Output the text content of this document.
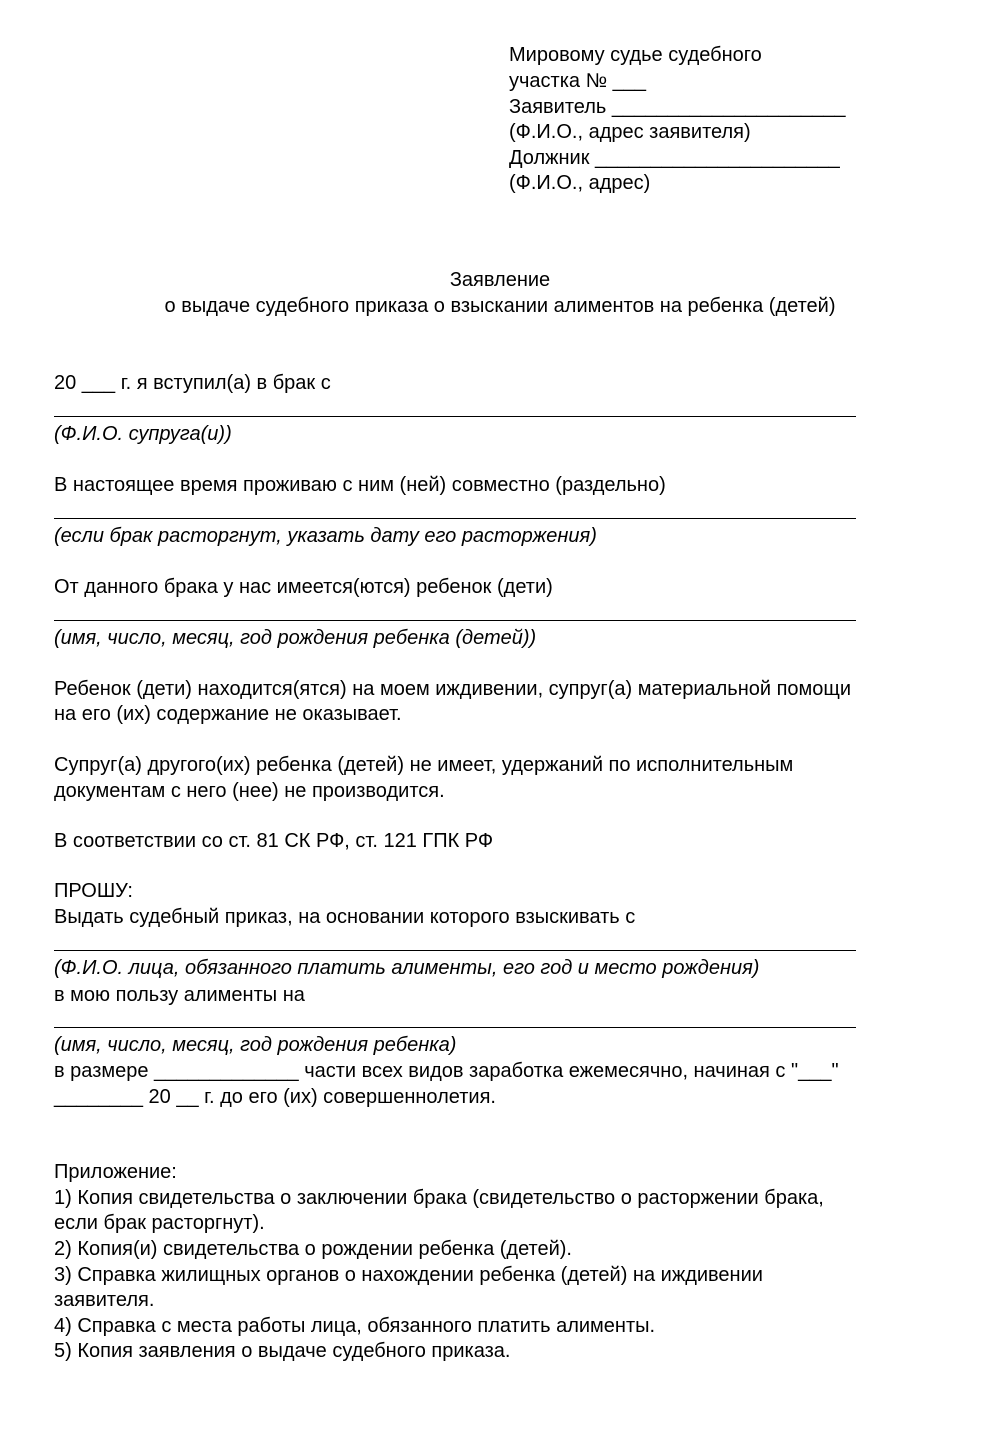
Мировому судье судебного
участка № ___
Заявитель _____________________
(Ф.И.О., адрес заявителя)
Должник ______________________
(Ф.И.О., адрес)
Заявление
о выдаче судебного приказа о взыскании алиментов на ребенка (детей)
20 ___ г. я вступил(а) в брак с
(Ф.И.О. супруга(и))
В настоящее время проживаю с ним (ней) совместно (раздельно)
(если брак расторгнут, указать дату его расторжения)
От данного брака у нас имеется(ются) ребенок (дети)
(имя, число, месяц, год рождения ребенка (детей))
Ребенок (дети) находится(ятся) на моем иждивении, супруг(а) материальной помощи
на его (их) содержание не оказывает.
Супруг(а) другого(их) ребенка (детей) не имеет, удержаний по исполнительным
документам с него (нее) не производится.
В соответствии со ст. 81 СК РФ, ст. 121 ГПК РФ
ПРОШУ:
Выдать судебный приказ, на основании которого взыскивать с
(Ф.И.О. лица, обязанного платить алименты, его год и место рождения)
в мою пользу алименты на
(имя, число, месяц, год рождения ребенка)
в размере _____________ части всех видов заработка ежемесячно, начиная с "___"
________ 20 __ г. до его (их) совершеннолетия.
Приложение:
1) Копия свидетельства о заключении брака (свидетельство о расторжении брака,
если брак расторгнут).
2) Копия(и) свидетельства о рождении ребенка (детей).
3) Справка жилищных органов о нахождении ребенка (детей) на иждивении
заявителя.
4) Справка с места работы лица, обязанного платить алименты.
5) Копия заявления о выдаче судебного приказа.
